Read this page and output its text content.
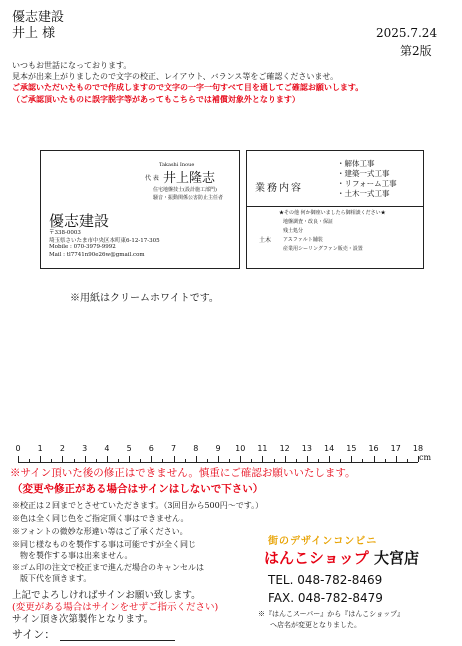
優志建設
井上 様	2025.7.24
第2版
いつもお世話になっております。
見本が出来上がりましたので文字の校正、レイアウト、バランス等をご確認くださいませ。
ご承認いただいたものでで作成しますので文字の一字一句すべて目を通してご確認お願いします。
（ご承認頂いたものに誤字脱字等があってもこちらでは補償対象外となります）
Takashi Inoue
代 表 井上隆志
住宅地盤技士(設計施工部門)
騒音・振動関係公害防止主任者
優志建設
〒338-0003
埼玉県さいたま市中央区本町東6-12-17-305
Mobile : 070-3979-9992
Mail : tl7741n90e26w@gmail.com
業務内容
・解体工事
・建築一式工事
・リフォーム工事
・土木一式工事
★その他 何か御座いましたら御相談ください★
土木
地盤調査・改良・保証
残土処分
アスファルト舗装
産業用シーリングファン販売・設置
※用紙はクリームホワイトです。
0	1	2	3	4	5	6	7	8	9	10 11 12 13 14 15 16 17 18
cm
※サイン頂いた後の修正はできません。慎重にご確認お願いいたします。
（変更や修正がある場合はサインはしないで下さい）
※校正は２回までとさせていただきます。（3回目から500円〜です。）
※色は全く同じ色をご指定頂く事はできません。
※フォントの微妙な形違い等はご了承ください。
※同じ様なものを製作する事は可能ですが全く同じ
　物を製作する事は出来ません。
※ゴム印の注文で校正まで進んだ場合のキャンセルは
　版下代を頂きます。
上記でよろしければサインお願い致します。
(変更がある場合はサインをせずご指示ください)
サイン頂き次第製作となります。
サイン：
街のデザインコンビニ
はんこショップ 大宮店
TEL. 048-782-8469
FAX. 048-782-8479
※『はんこスーパー』から『はんこショップ』
へ店名が変更となりました。
